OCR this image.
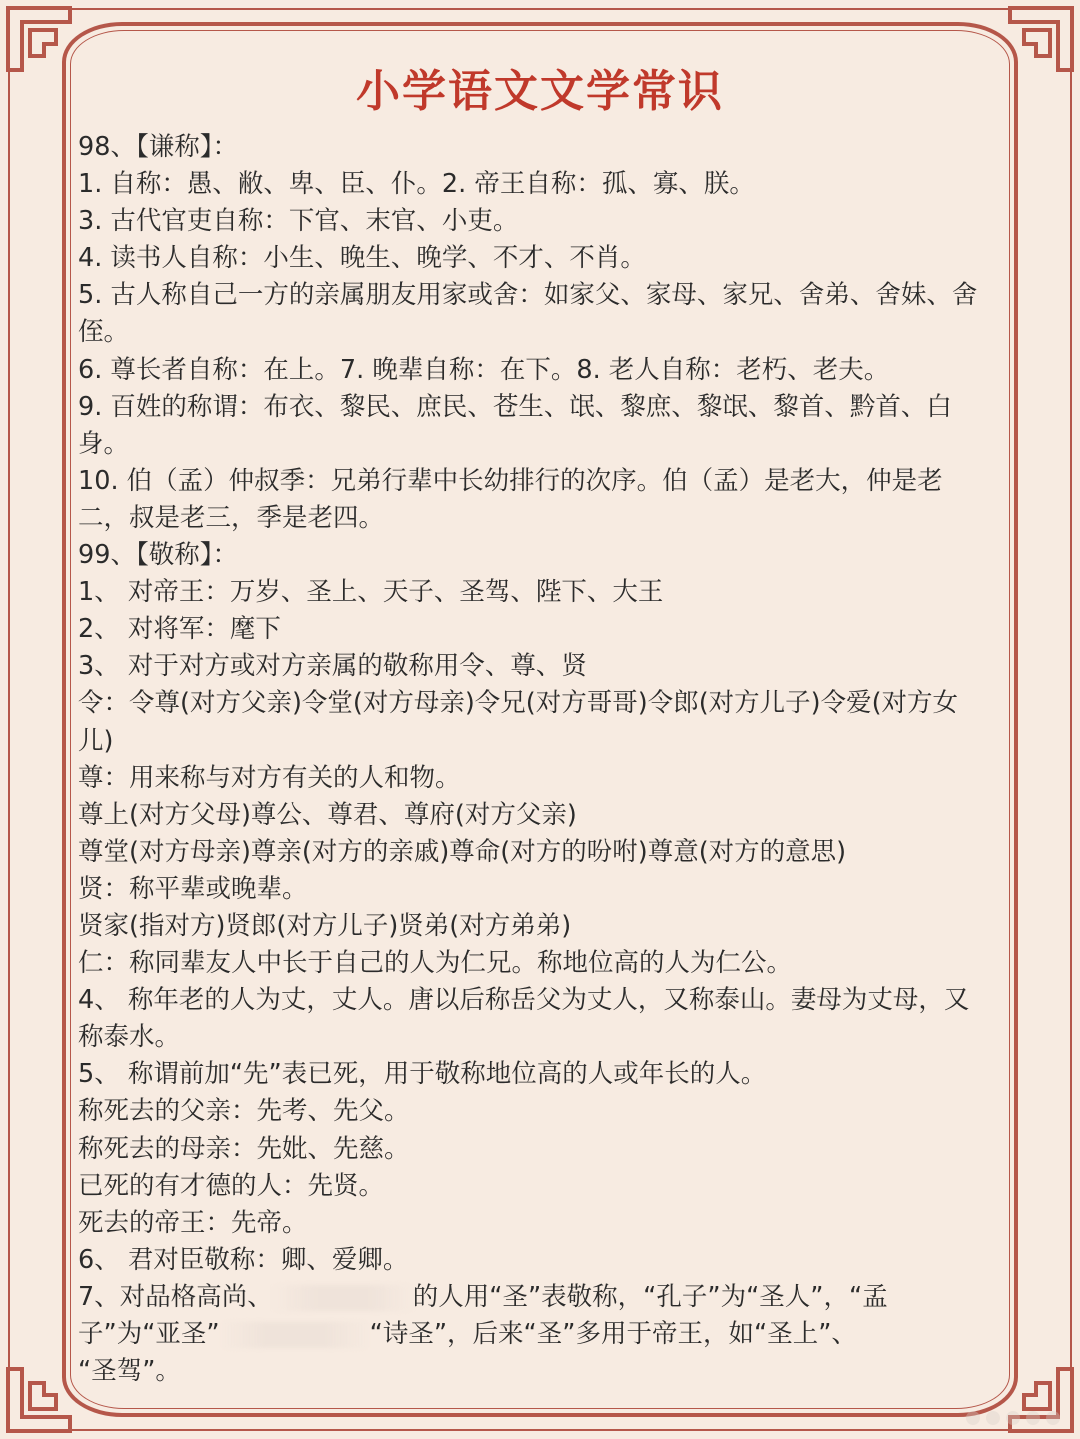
小学语文文学常识
98、【谦称】：
1. 自称：愚、敝、卑、臣、仆。2. 帝王自称：孤、寡、朕。
3. 古代官吏自称：下官、末官、小吏。
4. 读书人自称：小生、晚生、晚学、不才、不肖。
5. 古人称自己一方的亲属朋友用家或舍：如家父、家母、家兄、舍弟、舍妹、舍
侄。
6. 尊长者自称：在上。7. 晚辈自称：在下。8. 老人自称：老朽、老夫。
9. 百姓的称谓：布衣、黎民、庶民、苍生、氓、黎庶、黎氓、黎首、黔首、白
身。
10. 伯（孟）仲叔季：兄弟行辈中长幼排行的次序。伯（孟）是老大，仲是老
二，叔是老三，季是老四。
99、【敬称】：
1、 对帝王：万岁、圣上、天子、圣驾、陛下、大王
2、 对将军：麾下
3、 对于对方或对方亲属的敬称用令、尊、贤
令：令尊(对方父亲)令堂(对方母亲)令兄(对方哥哥)令郎(对方儿子)令爱(对方女
儿)
尊：用来称与对方有关的人和物。
尊上(对方父母)尊公、尊君、尊府(对方父亲)
尊堂(对方母亲)尊亲(对方的亲戚)尊命(对方的吩咐)尊意(对方的意思)
贤：称平辈或晚辈。
贤家(指对方)贤郎(对方儿子)贤弟(对方弟弟)
仁：称同辈友人中长于自己的人为仁兄。称地位高的人为仁公。
4、 称年老的人为丈，丈人。唐以后称岳父为丈人，又称泰山。妻母为丈母，又
称泰水。
5、 称谓前加“先”表已死，用于敬称地位高的人或年长的人。
称死去的父亲：先考、先父。
称死去的母亲：先妣、先慈。
已死的有才德的人：先贤。
死去的帝王：先帝。
6、 君对臣敬称：卿、爱卿。
7、对品格高尚、	的人用“圣”表敬称，“孔子”为“圣人”，“孟
子”为“亚圣”	“诗圣”，后来“圣”多用于帝王，如“圣上”、
“圣驾”。
